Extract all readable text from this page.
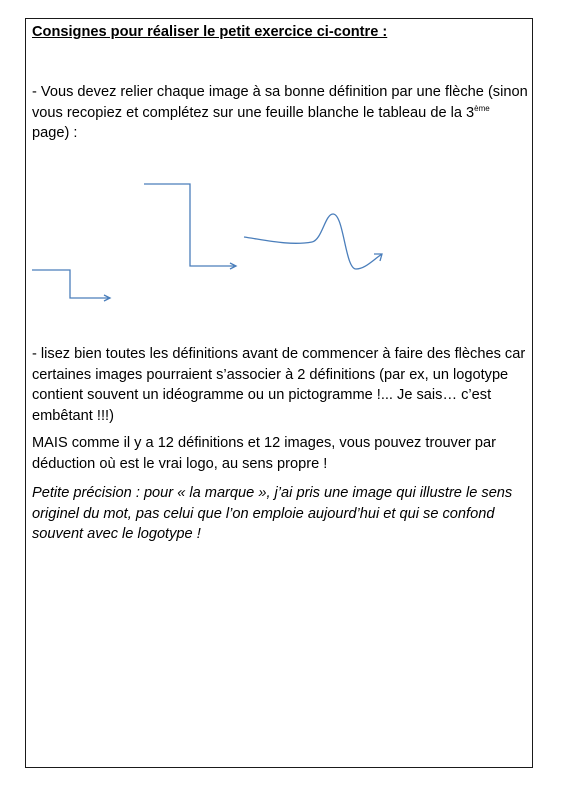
Consignes pour réaliser le petit exercice ci-contre :
- Vous devez relier chaque image à sa bonne définition par une flèche (sinon vous recopiez et complétez sur une feuille blanche le tableau de la 3ème page) :
- lisez bien toutes les définitions avant de commencer à faire des flèches car certaines images pourraient s’associer à 2 définitions (par ex, un logotype contient souvent un idéogramme ou un pictogramme !... Je sais… c’est embêtant !!!)
MAIS comme il y a 12 définitions et 12 images, vous pouvez trouver par déduction où est le vrai logo, au sens propre !
Petite précision : pour « la marque », j’ai pris une image qui illustre le sens originel du mot, pas celui que l’on emploie aujourd’hui et qui se confond souvent avec le logotype !
